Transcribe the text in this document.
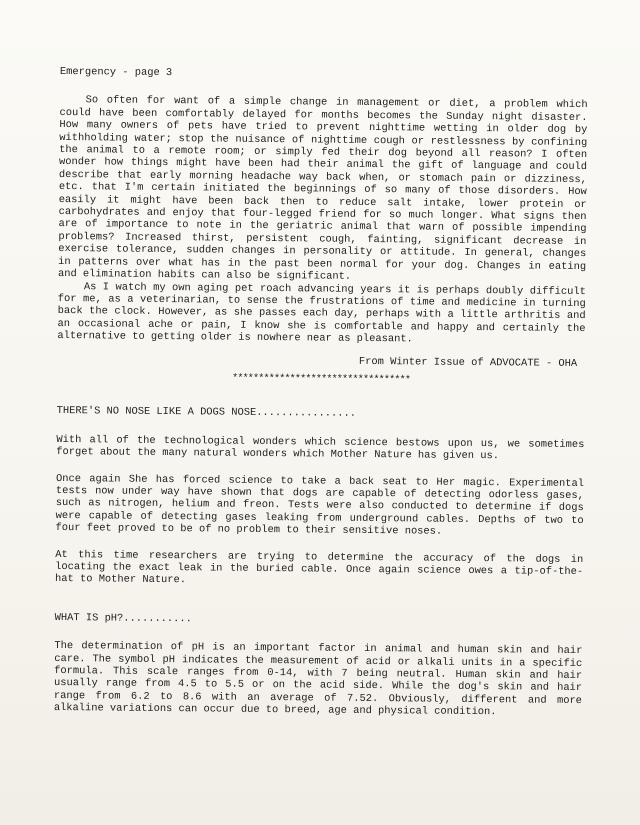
Emergency - page 3

So often for want of a simple change in management or diet, a problem which could have been comfortably delayed for months becomes the Sunday night disaster. How many owners of pets have tried to prevent nighttime wetting in older dog by withholding water; stop the nuisance of nighttime cough or restlessness by confining the animal to a remote room; or simply fed their dog beyond all reason? I often wonder how things might have been had their animal the gift of language and could describe that early morning headache way back when, or stomach pain or dizziness, etc. that I'm certain initiated the beginnings of so many of those disorders. How easily it might have been back then to reduce salt intake, lower protein or carbohydrates and enjoy that four-legged friend for so much longer. What signs then are of importance to note in the geriatric animal that warn of possible impending problems? Increased thirst, persistent cough, fainting, significant decrease in exercise tolerance, sudden changes in personality or attitude. In general, changes in patterns over what has in the past been normal for your dog. Changes in eating and elimination habits can also be significant.

As I watch my own aging pet roach advancing years it is perhaps doubly difficult for me, as a veterinarian, to sense the frustrations of time and medicine in turning back the clock. However, as she passes each day, perhaps with a little arthritis and an occasional ache or pain, I know she is comfortable and happy and certainly the alternative to getting older is nowhere near as pleasant.

From Winter Issue of ADVOCATE - OHA
**********************************
THERE'S NO NOSE LIKE A DOGS NOSE................

With all of the technological wonders which science bestows upon us, we sometimes forget about the many natural wonders which Mother Nature has given us.

Once again She has forced science to take a back seat to Her magic. Experimental tests now under way have shown that dogs are capable of detecting odorless gases, such as nitrogen, helium and freon. Tests were also conducted to determine if dogs were capable of detecting gases leaking from underground cables. Depths of two to four feet proved to be of no problem to their sensitive noses.

At this time researchers are trying to determine the accuracy of the dogs in locating the exact leak in the buried cable. Once again science owes a tip-of-the-hat to Mother Nature.

WHAT IS pH?...........

The determination of pH is an important factor in animal and human skin and hair care. The symbol pH indicates the measurement of acid or alkali units in a specific formula. This scale ranges from 0-14, with 7 being neutral. Human skin and hair usually range from 4.5 to 5.5 or on the acid side. While the dog's skin and hair range from 6.2 to 8.6 with an average of 7.52. Obviously, different and more alkaline variations can occur due to breed, age and physical condition.
